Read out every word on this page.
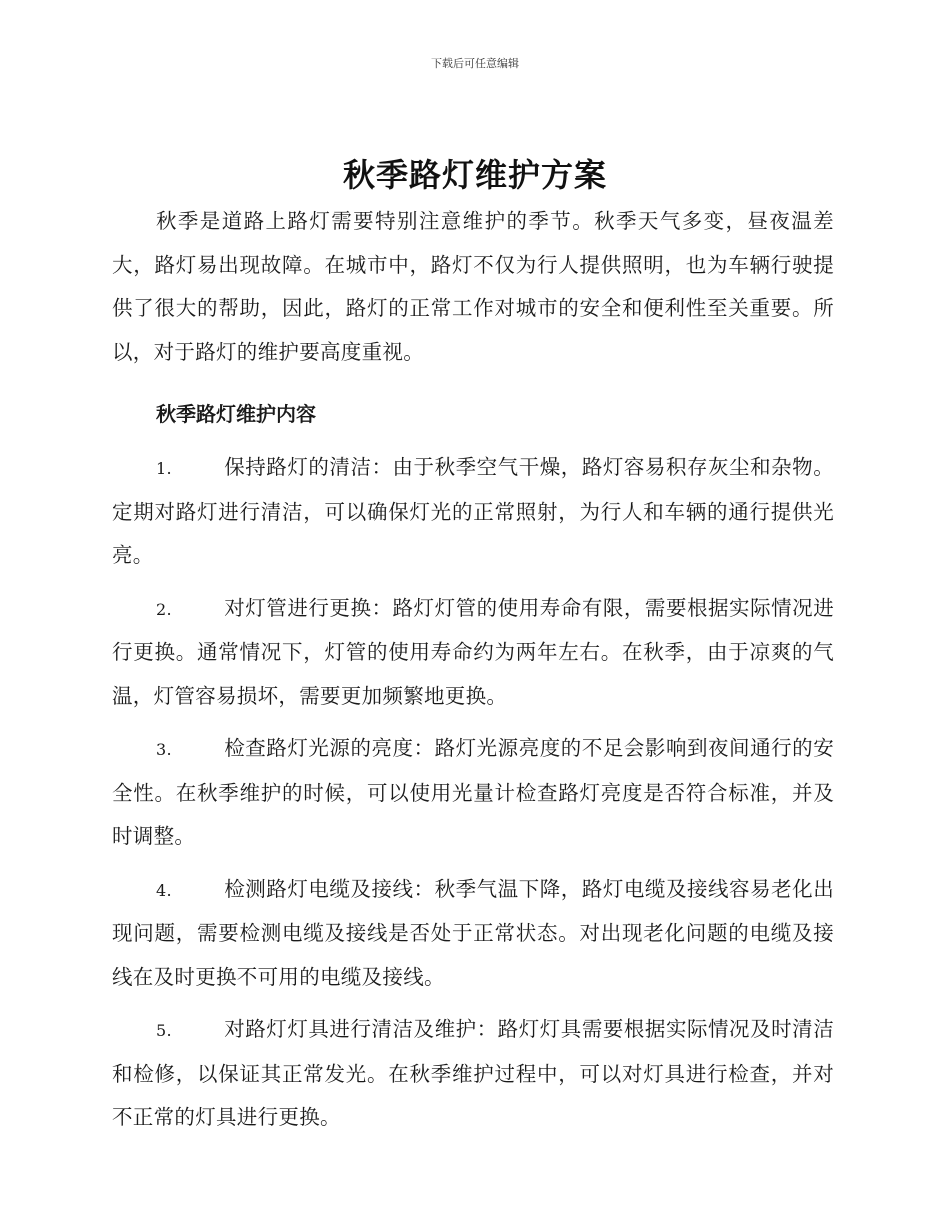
下载后可任意编辑
秋季路灯维护方案

秋季是道路上路灯需要特别注意维护的季节。秋季天气多变，昼夜温差大，路灯易出现故障。在城市中，路灯不仅为行人提供照明，也为车辆行驶提供了很大的帮助，因此，路灯的正常工作对城市的安全和便利性至关重要。所以，对于路灯的维护要高度重视。

秋季路灯维护内容

1.	保持路灯的清洁：由于秋季空气干燥，路灯容易积存灰尘和杂物。定期对路灯进行清洁，可以确保灯光的正常照射，为行人和车辆的通行提供光亮。

2.	对灯管进行更换：路灯灯管的使用寿命有限，需要根据实际情况进行更换。通常情况下，灯管的使用寿命约为两年左右。在秋季，由于凉爽的气温，灯管容易损坏，需要更加频繁地更换。

3.	检查路灯光源的亮度：路灯光源亮度的不足会影响到夜间通行的安全性。在秋季维护的时候，可以使用光量计检查路灯亮度是否符合标准，并及时调整。

4.	检测路灯电缆及接线：秋季气温下降，路灯电缆及接线容易老化出现问题，需要检测电缆及接线是否处于正常状态。对出现老化问题的电缆及接线在及时更换不可用的电缆及接线。

5.	对路灯灯具进行清洁及维护：路灯灯具需要根据实际情况及时清洁和检修，以保证其正常发光。在秋季维护过程中，可以对灯具进行检查，并对不正常的灯具进行更换。
